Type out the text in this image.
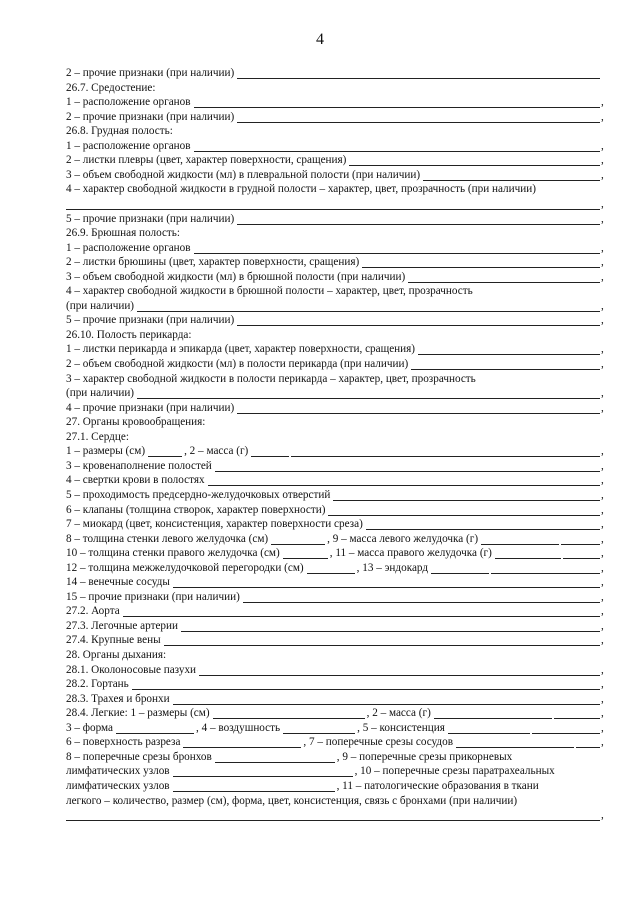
4
2 – прочие признаки (при наличии)
26.7. Средостение:
1 – расположение органов	,
2 – прочие признаки (при наличии)	,
26.8. Грудная полость:
1 – расположение органов	,
2 – листки плевры (цвет, характер поверхности, сращения)	,
3 – объем свободной жидкости (мл) в плевральной полости (при наличии)	,
4 – характер свободной жидкости в грудной полости – характер, цвет, прозрачность (при наличии)
,
5 – прочие признаки (при наличии)	,
26.9. Брюшная полость:
1 – расположение органов	,
2 – листки брюшины (цвет, характер поверхности, сращения)	,
3 – объем свободной жидкости (мл) в брюшной полости (при наличии)	,
4 – характер свободной жидкости в брюшной полости – характер, цвет, прозрачность
(при наличии)	,
5 – прочие признаки (при наличии)	,
26.10. Полость перикарда:
1 – листки перикарда и эпикарда (цвет, характер поверхности, сращения)	,
2 – объем свободной жидкости (мл) в полости перикарда (при наличии)	,
3 – характер свободной жидкости в полости перикарда – характер, цвет, прозрачность
(при наличии)	,
4 – прочие признаки (при наличии)	,
27. Органы кровообращения:
27.1. Сердце:
1 – размеры (см)	, 2 – масса (г)	,
3 – кровенаполнение полостей	,
4 – свертки крови в полостях	,
5 – проходимость предсердно-желудочковых отверстий	,
6 – клапаны (толщина створок, характер поверхности)	,
7 – миокард (цвет, консистенция, характер поверхности среза)	,
8 – толщина стенки левого желудочка (см)	, 9 – масса левого желудочка (г)	,
10 – толщина стенки правого желудочка (см)	, 11 – масса правого желудочка (г)	,
12 – толщина межжелудочковой перегородки (см)	, 13 – эндокард	,
14 – венечные сосуды	,
15 – прочие признаки (при наличии)	,
27.2. Аорта	,
27.3. Легочные артерии	,
27.4. Крупные вены	,
28. Органы дыхания:
28.1. Околоносовые пазухи	,
28.2. Гортань	,
28.3. Трахея и бронхи	,
28.4. Легкие: 1 – размеры (см)	, 2 – масса (г)	,
3 – форма	, 4 – воздушность	, 5 – консистенция	,
6 – поверхность разреза	, 7 – поперечные срезы сосудов	,
8 – поперечные срезы бронхов	, 9 – поперечные срезы прикорневых
лимфатических узлов	, 10 – поперечные срезы паратрахеальных
лимфатических узлов	, 11 – патологические образования в ткани
легкого – количество, размер (см), форма, цвет, консистенция, связь с бронхами (при наличии)
,
